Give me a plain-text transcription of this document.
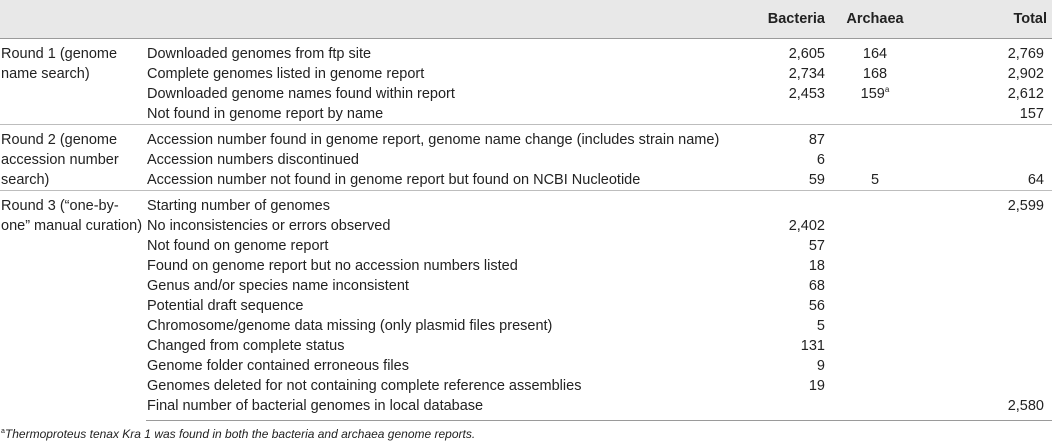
		Bacteria	Archaea	Total
Round 1 (genome name search)	Downloaded genomes from ftp site	2,605	164	2,769
	Complete genomes listed in genome report	2,734	168	2,902
	Downloaded genome names found within report	2,453	159$^a$	2,612
	Not found in genome report by name			157
Round 2 (genome accession number search)	Accession number found in genome report, genome name change (includes strain name)	87		
	Accession numbers discontinued	6		
	Accession number not found in genome report but found on NCBI Nucleotide	59	5	64
Round 3 (“one-by-one” manual curation)	Starting number of genomes			2,599
	No inconsistencies or errors observed	2,402		
	Not found on genome report	57		
	Found on genome report but no accession numbers listed	18		
	Genus and/or species name inconsistent	68		
	Potential draft sequence	56		
	Chromosome/genome data missing (only plasmid files present)	5		
	Changed from complete status	131		
	Genome folder contained erroneous files	9		
	Genomes deleted for not containing complete reference assemblies	19		
	Final number of bacterial genomes in local database			2,580
$^a$Thermoproteus tenax Kra 1 was found in both the bacteria and archaea genome reports.
